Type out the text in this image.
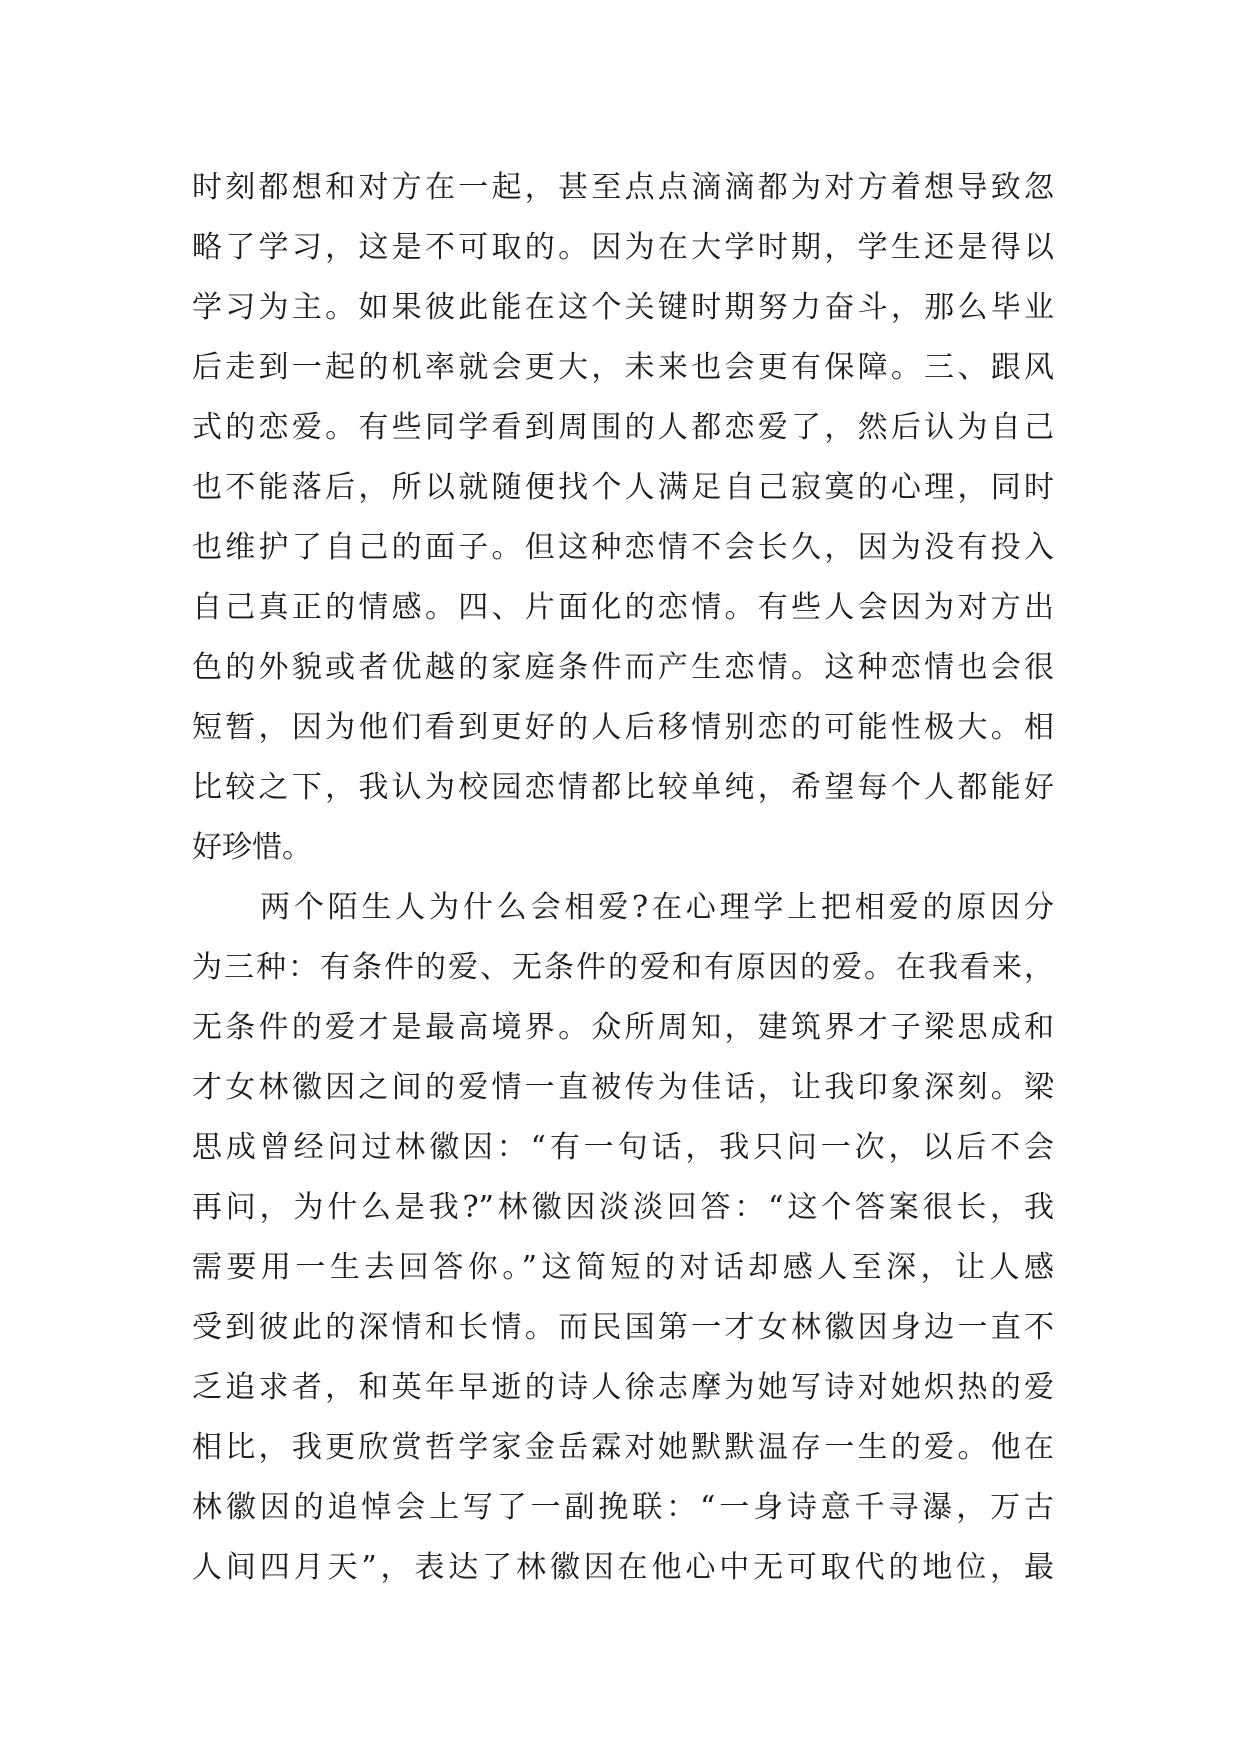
时刻都想和对方在一起，甚至点点滴滴都为对方着想导致忽
略了学习，这是不可取的。因为在大学时期，学生还是得以
学习为主。如果彼此能在这个关键时期努力奋斗，那么毕业
后走到一起的机率就会更大，未来也会更有保障。三、跟风
式的恋爱。有些同学看到周围的人都恋爱了，然后认为自己
也不能落后，所以就随便找个人满足自己寂寞的心理，同时
也维护了自己的面子。但这种恋情不会长久，因为没有投入
自己真正的情感。四、片面化的恋情。有些人会因为对方出
色的外貌或者优越的家庭条件而产生恋情。这种恋情也会很
短暂，因为他们看到更好的人后移情别恋的可能性极大。相
比较之下，我认为校园恋情都比较单纯，希望每个人都能好
好珍惜。
两个陌生人为什么会相爱?在心理学上把相爱的原因分
为三种：有条件的爱、无条件的爱和有原因的爱。在我看来，
无条件的爱才是最高境界。众所周知，建筑界才子梁思成和
才女林徽因之间的爱情一直被传为佳话，让我印象深刻。梁
思成曾经问过林徽因：“有一句话，我只问一次，以后不会
再问，为什么是我?”林徽因淡淡回答：“这个答案很长，我
需要用一生去回答你。”这简短的对话却感人至深，让人感
受到彼此的深情和长情。而民国第一才女林徽因身边一直不
乏追求者，和英年早逝的诗人徐志摩为她写诗对她炽热的爱
相比，我更欣赏哲学家金岳霖对她默默温存一生的爱。他在
林徽因的追悼会上写了一副挽联：“一身诗意千寻瀑，万古
人间四月天”，表达了林徽因在他心中无可取代的地位，最
